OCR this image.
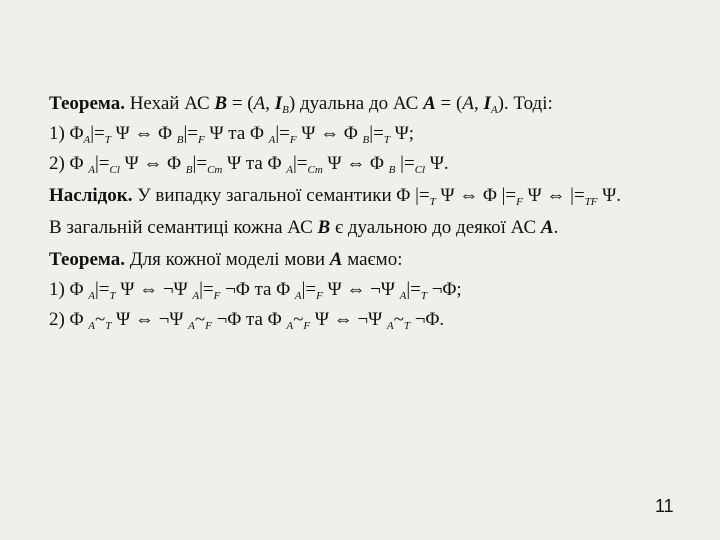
Теорема. Нехай АС B = (A, $I_B$) дуальна до АС A = (A, $I_A$). Тоді:

1) $\Phi_A|=_T$ Ψ ⇔ Φ $_B|=_F$ Ψ та Φ $_A|=_F$ Ψ ⇔ Φ $_B|=_T$ Ψ;

2) Φ $_A|=_{Cl}$ Ψ ⇔ Φ $_B|=_{Cm}$ Ψ та Φ $_A|=_{Cm}$ Ψ ⇔ Φ $_B$ $|=_{Cl}$ Ψ.

Наслідок. У випадку загальної семантики Φ $|=_T$ Ψ ⇔ Φ $|=_F$ Ψ ⇔ $|=_{TF}$ Ψ.

В загальній семантиці кожна АС B є дуальною до деякої АС A.

Теорема. Для кожної моделі мови A маємо:

1) Φ $_A|=_T$ Ψ ⇔ ¬Ψ $_A|=_F$ ¬Φ та Φ $_A|=_F$ Ψ ⇔ ¬Ψ $_A|=_T$ ¬Φ;

2) Φ $_A\sim_T$ Ψ ⇔ ¬Ψ $_A\sim_F$ ¬Φ та Φ $_A\sim_F$ Ψ ⇔ ¬Ψ $_A\sim_T$ ¬Φ.

11
